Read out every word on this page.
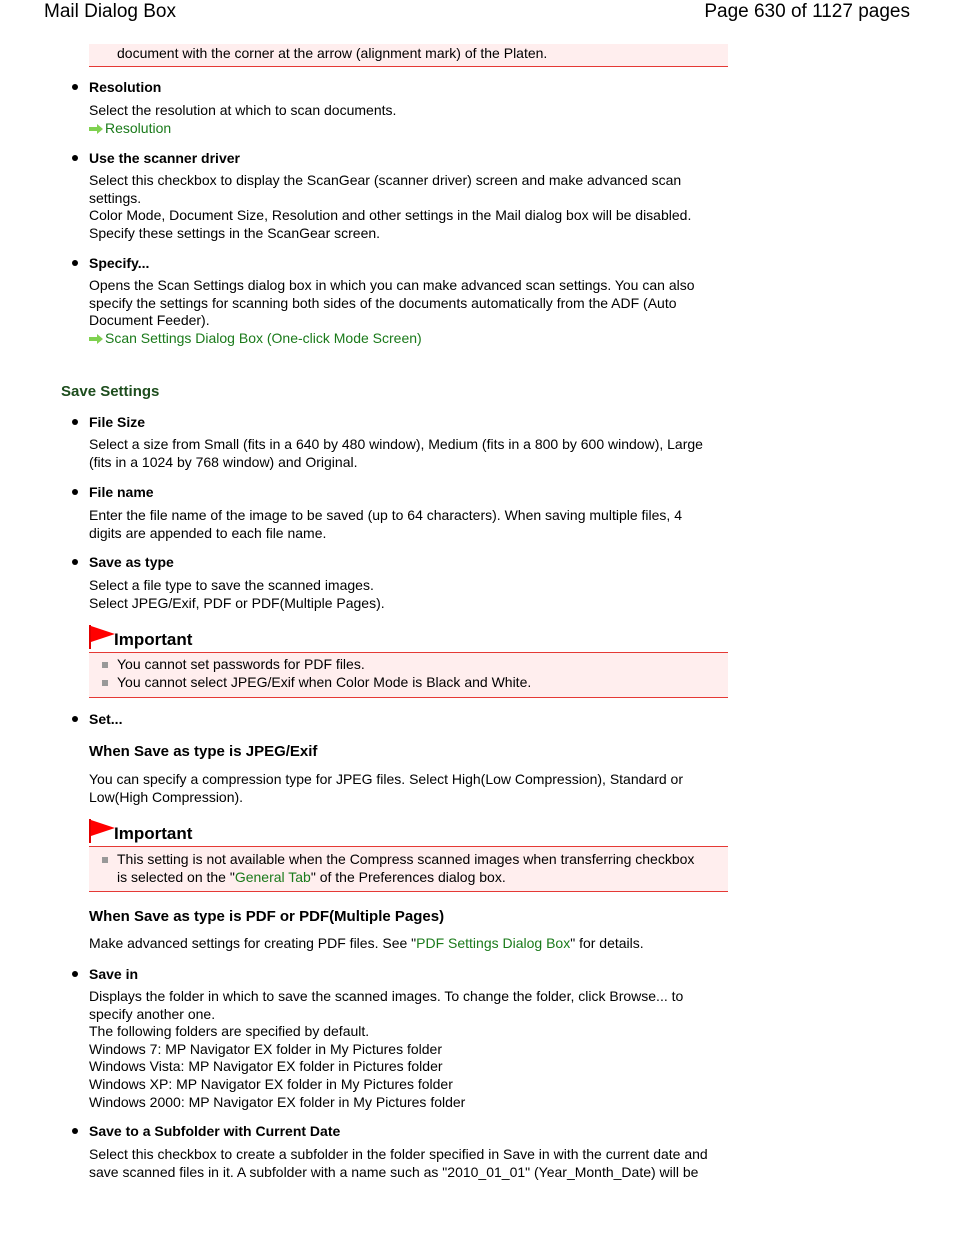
Mail Dialog Box	Page 630 of 1127 pages
document with the corner at the arrow (alignment mark) of the Platen.
Resolution
Select the resolution at which to scan documents.
Resolution
Use the scanner driver
Select this checkbox to display the ScanGear (scanner driver) screen and make advanced scan
settings.
Color Mode, Document Size, Resolution and other settings in the Mail dialog box will be disabled.
Specify these settings in the ScanGear screen.
Specify...
Opens the Scan Settings dialog box in which you can make advanced scan settings. You can also
specify the settings for scanning both sides of the documents automatically from the ADF (Auto
Document Feeder).
Scan Settings Dialog Box (One-click Mode Screen)
Save Settings
File Size
Select a size from Small (fits in a 640 by 480 window), Medium (fits in a 800 by 600 window), Large
(fits in a 1024 by 768 window) and Original.
File name
Enter the file name of the image to be saved (up to 64 characters). When saving multiple files, 4
digits are appended to each file name.
Save as type
Select a file type to save the scanned images.
Select JPEG/Exif, PDF or PDF(Multiple Pages).
Important
You cannot set passwords for PDF files.
You cannot select JPEG/Exif when Color Mode is Black and White.
Set...
When Save as type is JPEG/Exif
You can specify a compression type for JPEG files. Select High(Low Compression), Standard or
Low(High Compression).
Important
This setting is not available when the Compress scanned images when transferring checkbox
is selected on the "General Tab" of the Preferences dialog box.
When Save as type is PDF or PDF(Multiple Pages)
Make advanced settings for creating PDF files. See "PDF Settings Dialog Box" for details.
Save in
Displays the folder in which to save the scanned images. To change the folder, click Browse... to
specify another one.
The following folders are specified by default.
Windows 7: MP Navigator EX folder in My Pictures folder
Windows Vista: MP Navigator EX folder in Pictures folder
Windows XP: MP Navigator EX folder in My Pictures folder
Windows 2000: MP Navigator EX folder in My Pictures folder
Save to a Subfolder with Current Date
Select this checkbox to create a subfolder in the folder specified in Save in with the current date and
save scanned files in it. A subfolder with a name such as "2010_01_01" (Year_Month_Date) will be
